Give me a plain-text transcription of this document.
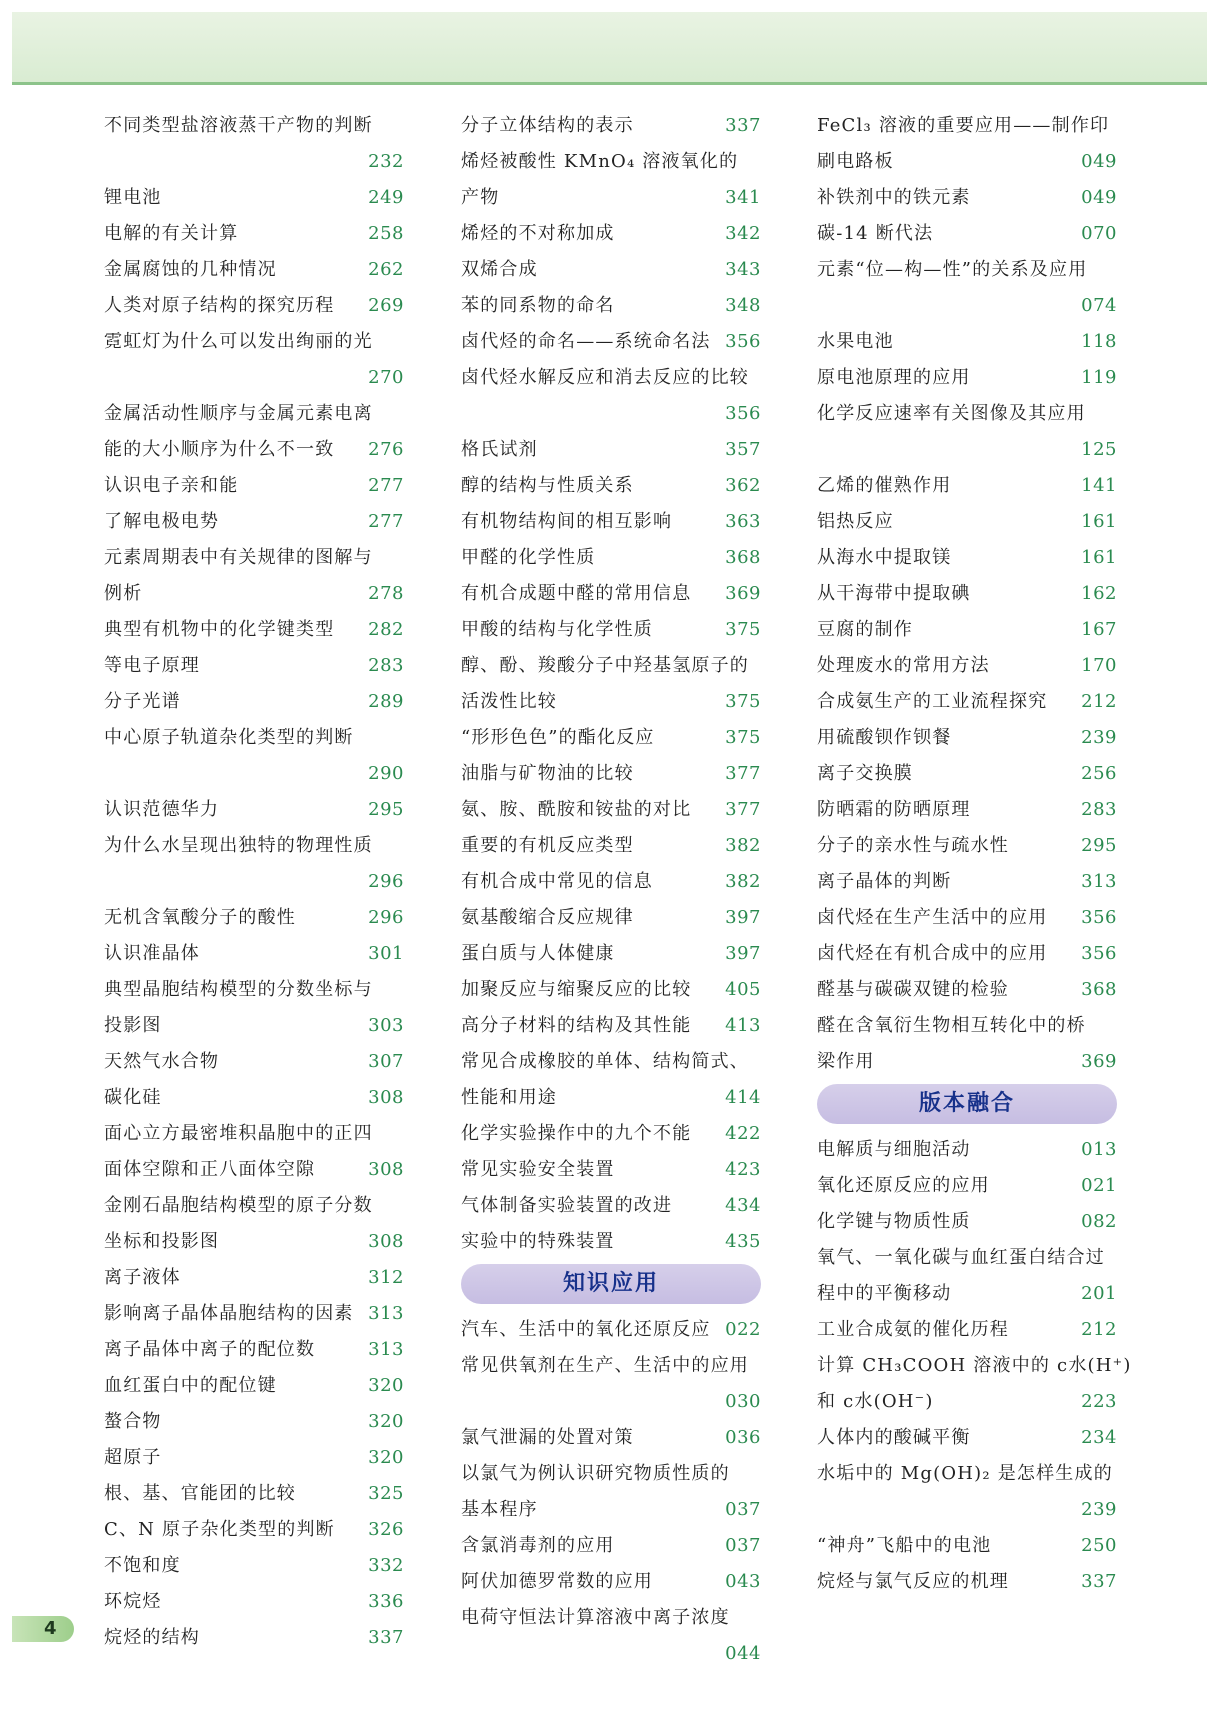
不同类型盐溶液蒸干产物的判断
232
锂电池	249
电解的有关计算	258
金属腐蚀的几种情况	262
人类对原子结构的探究历程 269
霓虹灯为什么可以发出绚丽的光
270
金属活动性顺序与金属元素电离
能的大小顺序为什么不一致 276
认识电子亲和能	277
了解电极电势	277
元素周期表中有关规律的图解与
例析	278
典型有机物中的化学键类型 282
等电子原理	283
分子光谱	289
中心原子轨道杂化类型的判断
290
认识范德华力	295
为什么水呈现出独特的物理性质
296
无机含氧酸分子的酸性	296
认识准晶体	301
典型晶胞结构模型的分数坐标与
投影图	303
天然气水合物	307
碳化硅	308
面心立方最密堆积晶胞中的正四
面体空隙和正八面体空隙	308
金刚石晶胞结构模型的原子分数
坐标和投影图	308
离子液体	312
影响离子晶体晶胞结构的因素 313
离子晶体中离子的配位数	313
血红蛋白中的配位键	320
螯合物	320
超原子	320
根、基、官能团的比较	325
C、N 原子杂化类型的判断 326
不饱和度	332
环烷烃	336
烷烃的结构	337
分子立体结构的表示	337
烯烃被酸性 KMnO₄ 溶液氧化的
产物	341
烯烃的不对称加成	342
双烯合成	343
苯的同系物的命名	348
卤代烃的命名——系统命名法 356
卤代烃水解反应和消去反应的比较
356
格氏试剂	357
醇的结构与性质关系	362
有机物结构间的相互影响	363
甲醛的化学性质	368
有机合成题中醛的常用信息 369
甲酸的结构与化学性质	375
醇、酚、羧酸分子中羟基氢原子的
活泼性比较	375
“形形色色”的酯化反应	375
油脂与矿物油的比较	377
氨、胺、酰胺和铵盐的对比 377
重要的有机反应类型	382
有机合成中常见的信息	382
氨基酸缩合反应规律	397
蛋白质与人体健康	397
加聚反应与缩聚反应的比较 405
高分子材料的结构及其性能 413
常见合成橡胶的单体、结构简式、
性能和用途	414
化学实验操作中的九个不能 422
常见实验安全装置	423
气体制备实验装置的改进	434
实验中的特殊装置	435
知识应用
汽车、生活中的氧化还原反应 022
常见供氧剂在生产、生活中的应用
030
氯气泄漏的处置对策	036
以氯气为例认识研究物质性质的
基本程序	037
含氯消毒剂的应用	037
阿伏加德罗常数的应用	043
电荷守恒法计算溶液中离子浓度
044
FeCl₃ 溶液的重要应用——制作印
刷电路板	049
补铁剂中的铁元素	049
碳-14 断代法	070
元素“位—构—性”的关系及应用
074
水果电池	118
原电池原理的应用	119
化学反应速率有关图像及其应用
125
乙烯的催熟作用	141
铝热反应	161
从海水中提取镁	161
从干海带中提取碘	162
豆腐的制作	167
处理废水的常用方法	170
合成氨生产的工业流程探究 212
用硫酸钡作钡餐	239
离子交换膜	256
防晒霜的防晒原理	283
分子的亲水性与疏水性	295
离子晶体的判断	313
卤代烃在生产生活中的应用 356
卤代烃在有机合成中的应用 356
醛基与碳碳双键的检验	368
醛在含氧衍生物相互转化中的桥
梁作用	369
版本融合
电解质与细胞活动	013
氧化还原反应的应用	021
化学键与物质性质	082
氧气、一氧化碳与血红蛋白结合过
程中的平衡移动	201
工业合成氨的催化历程	212
计算 CH₃COOH 溶液中的 c水(H⁺)
和 c水(OH⁻)	223
人体内的酸碱平衡	234
水垢中的 Mg(OH)₂ 是怎样生成的
239
“神舟”飞船中的电池	250
烷烃与氯气反应的机理	337
4
